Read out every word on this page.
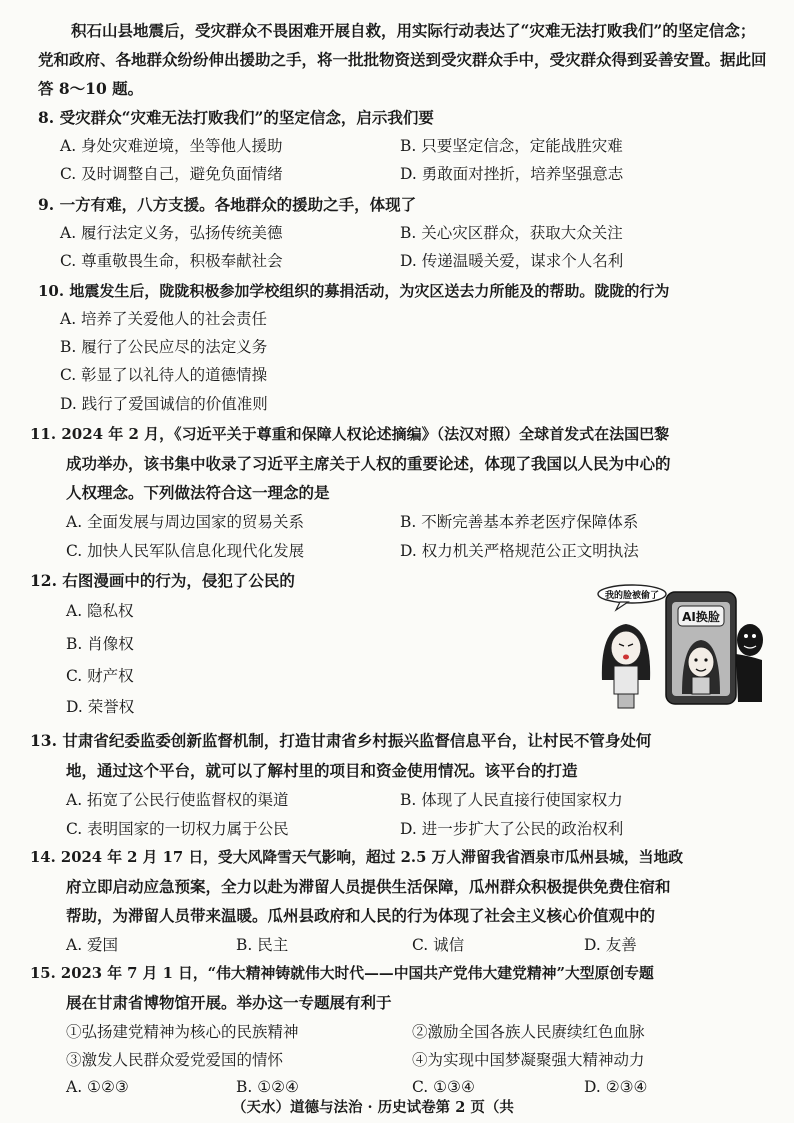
积石山县地震后，受灾群众不畏困难开展自救，用实际行动表达了“灾难无法打败我们”的坚定信念；党和政府、各地群众纷纷伸出援助之手，将一批批物资送到受灾群众手中，受灾群众得到妥善安置。据此回答 8～10 题。
8. 受灾群众“灾难无法打败我们”的坚定信念，启示我们要
A. 身处灾难逆境，坐等他人援助	B. 只要坚定信念，定能战胜灾难
C. 及时调整自己，避免负面情绪	D. 勇敢面对挫折，培养坚强意志
9. 一方有难，八方支援。各地群众的援助之手，体现了
A. 履行法定义务，弘扬传统美德	B. 关心灾区群众，获取大众关注
C. 尊重敬畏生命，积极奉献社会	D. 传递温暖关爱，谋求个人名利
10. 地震发生后，陇陇积极参加学校组织的募捐活动，为灾区送去力所能及的帮助。陇陇的行为
A. 培养了关爱他人的社会责任
B. 履行了公民应尽的法定义务
C. 彰显了以礼待人的道德情操
D. 践行了爱国诚信的价值准则
11. 2024 年 2 月，《习近平关于尊重和保障人权论述摘编》（法汉对照）全球首发式在法国巴黎
成功举办，该书集中收录了习近平主席关于人权的重要论述，体现了我国以人民为中心的
人权理念。下列做法符合这一理念的是
A. 全面发展与周边国家的贸易关系	B. 不断完善基本养老医疗保障体系
C. 加快人民军队信息化现代化发展	D. 权力机关严格规范公正文明执法
12. 右图漫画中的行为，侵犯了公民的
A. 隐私权
B. 肖像权
C. 财产权
D. 荣誉权
我的脸被偷了
AI换脸
13. 甘肃省纪委监委创新监督机制，打造甘肃省乡村振兴监督信息平台，让村民不管身处何
地，通过这个平台，就可以了解村里的项目和资金使用情况。该平台的打造
A. 拓宽了公民行使监督权的渠道	B. 体现了人民直接行使国家权力
C. 表明国家的一切权力属于公民	D. 进一步扩大了公民的政治权利
14. 2024 年 2 月 17 日，受大风降雪天气影响，超过 2.5 万人滞留我省酒泉市瓜州县城，当地政
府立即启动应急预案，全力以赴为滞留人员提供生活保障，瓜州群众积极提供免费住宿和
帮助，为滞留人员带来温暖。瓜州县政府和人民的行为体现了社会主义核心价值观中的
A. 爱国	B. 民主	C. 诚信	D. 友善
15. 2023 年 7 月 1 日，“伟大精神铸就伟大时代——中国共产党伟大建党精神”大型原创专题
展在甘肃省博物馆开展。举办这一专题展有利于
①弘扬建党精神为核心的民族精神	②激励全国各族人民赓续红色血脉
③激发人民群众爱党爱国的情怀	④为实现中国梦凝聚强大精神动力
A. ①②③	B. ①②④	C. ①③④	D. ②③④
（天水）道德与法治 · 历史试卷第 2 页（共
